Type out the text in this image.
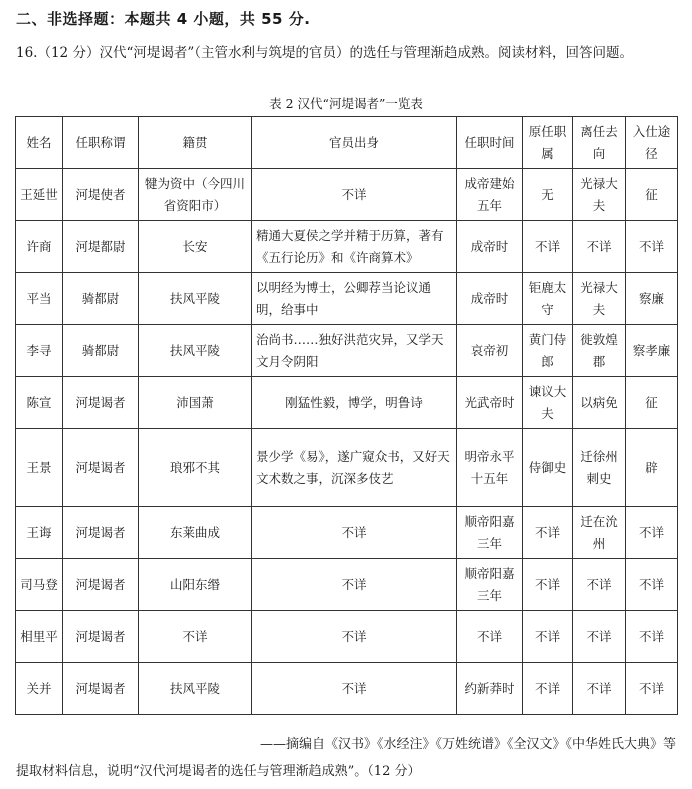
二、非选择题：本题共 4 小题，共 55 分.
16.（12 分）汉代“河堤谒者”（主管水利与筑堤的官员）的选任与管理渐趋成熟。阅读材料，回答问题。
表 2 汉代“河堤谒者”一览表
姓名	任职称谓	籍贯	官员出身	任职时间	原任职属	离任去向	入仕途径
王延世	河堤使者	犍为资中（今四川省资阳市）	不详	成帝建始五年	无	光禄大夫	征
许商	河堤都尉	长安	精通大夏侯之学并精于历算，著有《五行论历》和《许商算术》	成帝时	不详	不详	不详
平当	骑都尉	扶风平陵	以明经为博士，公卿荐当论议通明，给事中	成帝时	钜鹿太守	光禄大夫	察廉
李寻	骑都尉	扶风平陵	治尚书……独好洪范灾异，又学天文月令阴阳	哀帝初	黄门侍郎	徙敦煌郡	察孝廉
陈宣	河堤谒者	沛国萧	刚猛性毅，博学，明鲁诗	光武帝时	谏议大夫	以病免	征
王景	河堤谒者	琅邪不其	景少学《易》，遂广窥众书，又好天文术数之事，沉深多伎艺	明帝永平十五年	侍御史	迁徐州刺史	辟
王诲	河堤谒者	东莱曲成	不详	顺帝阳嘉三年	不详	迁在沇州	不详
司马登	河堤谒者	山阳东缗	不详	顺帝阳嘉三年	不详	不详	不详
相里平	河堤谒者	不详	不详	不详	不详	不详	不详
关并	河堤谒者	扶风平陵	不详	约新莽时	不详	不详	不详
——摘编自《汉书》《水经注》《万姓统谱》《全汉文》《中华姓氏大典》等
提取材料信息，说明“汉代河堤谒者的选任与管理渐趋成熟”。（12 分）
